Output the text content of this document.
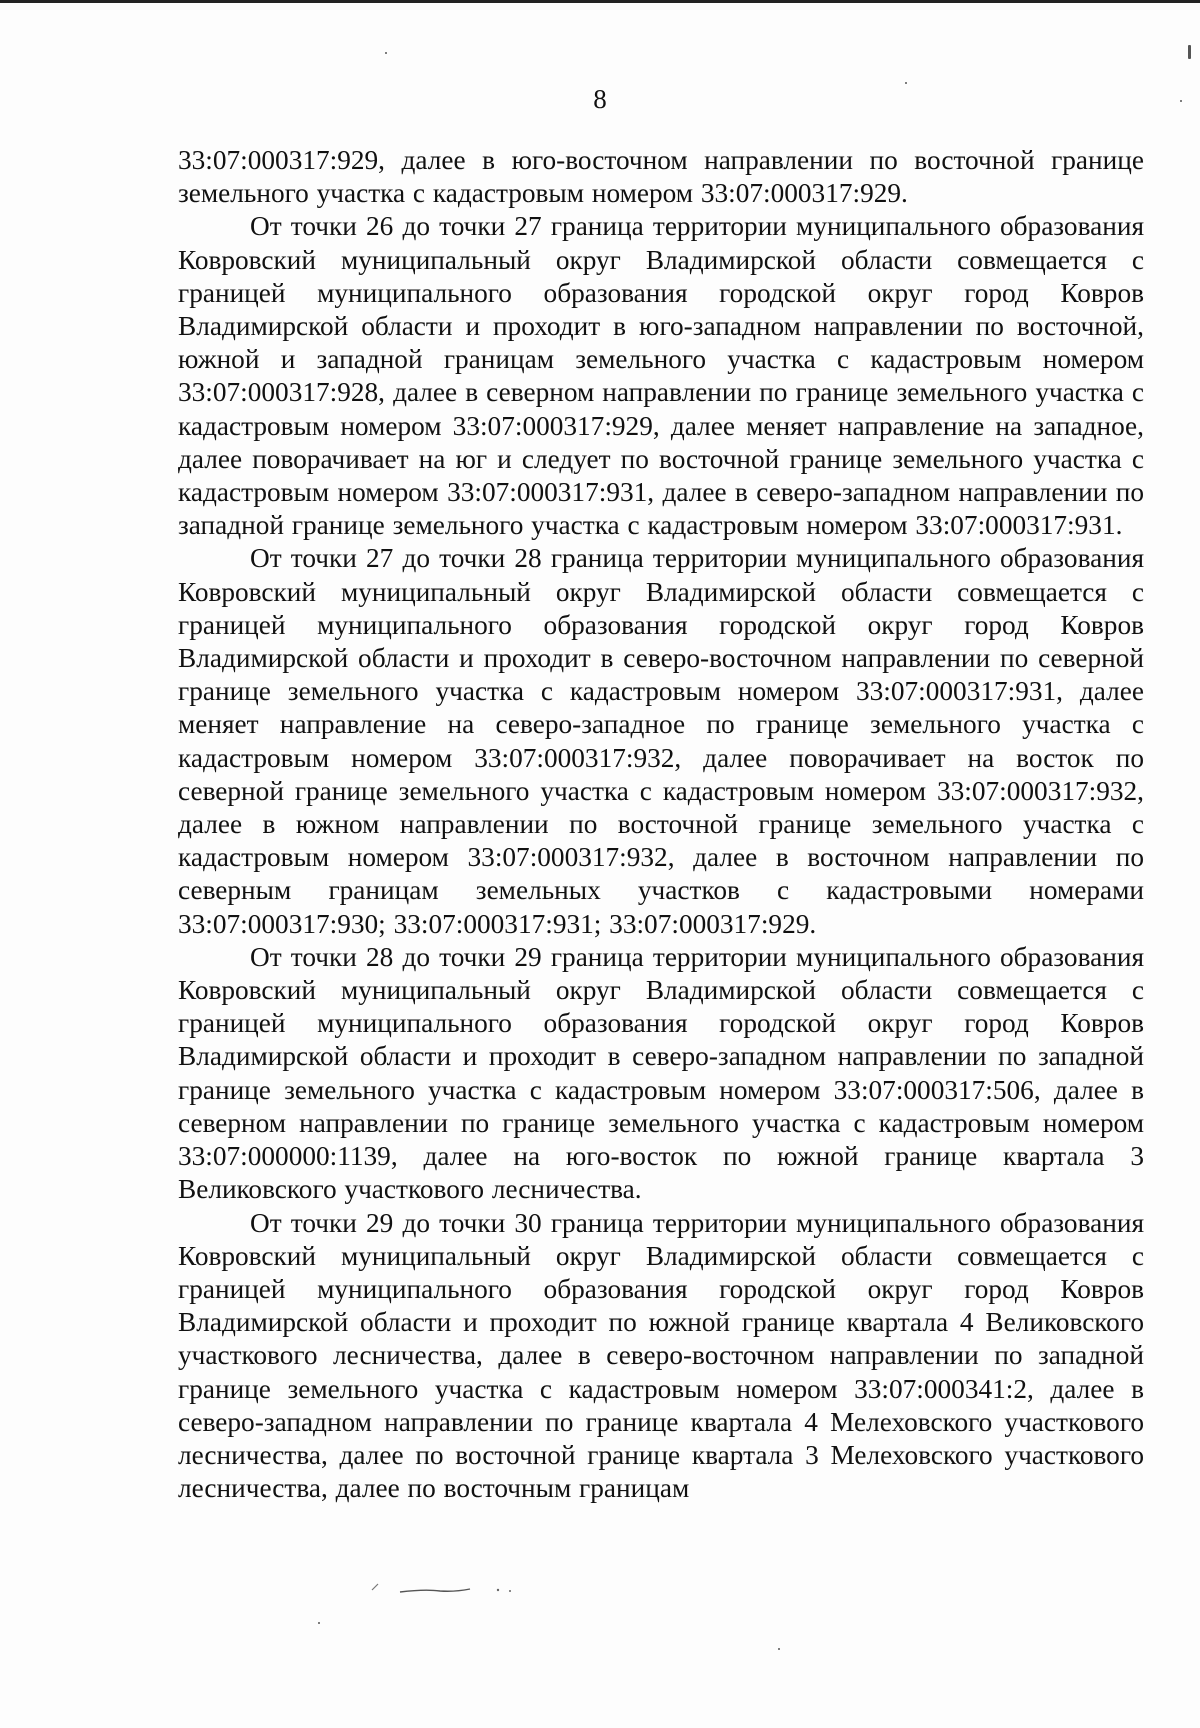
8

33:07:000317:929, далее в юго-восточном направлении по восточной границе земельного участка с кадастровым номером 33:07:000317:929.

От точки 26 до точки 27 граница территории муниципального образования Ковровский муниципальный округ Владимирской области совмещается с границей муниципального образования городской округ город Ковров Владимирской области и проходит в юго-западном направлении по восточной, южной и западной границам земельного участка с кадастровым номером 33:07:000317:928, далее в северном направлении по границе земельного участка с кадастровым номером 33:07:000317:929, далее меняет направление на западное, далее поворачивает на юг и следует по восточной границе земельного участка с кадастровым номером 33:07:000317:931, далее в северо-западном направлении по западной границе земельного участка с кадастровым номером 33:07:000317:931.

От точки 27 до точки 28 граница территории муниципального образования Ковровский муниципальный округ Владимирской области совмещается с границей муниципального образования городской округ город Ковров Владимирской области и проходит в северо-восточном направлении по северной границе земельного участка с кадастровым номером 33:07:000317:931, далее меняет направление на северо-западное по границе земельного участка с кадастровым номером 33:07:000317:932, далее поворачивает на восток по северной границе земельного участка с кадастровым номером 33:07:000317:932, далее в южном направлении по восточной границе земельного участка с кадастровым номером 33:07:000317:932, далее в восточном направлении по северным границам земельных участков с кадастровыми номерами 33:07:000317:930; 33:07:000317:931; 33:07:000317:929.

От точки 28 до точки 29 граница территории муниципального образования Ковровский муниципальный округ Владимирской области совмещается с границей муниципального образования городской округ город Ковров Владимирской области и проходит в северо-западном направлении по западной границе земельного участка с кадастровым номером 33:07:000317:506, далее в северном направлении по границе земельного участка с кадастровым номером 33:07:000000:1139, далее на юго-восток по южной границе квартала 3 Великовского участкового лесничества.

От точки 29 до точки 30 граница территории муниципального образования Ковровский муниципальный округ Владимирской области совмещается с границей муниципального образования городской округ город Ковров Владимирской области и проходит по южной границе квартала 4 Великовского участкового лесничества, далее в северо-восточном направлении по западной границе земельного участка с кадастровым номером 33:07:000341:2, далее в северо-западном направлении по границе квартала 4 Мелеховского участкового лесничества, далее по восточной границе квартала 3 Мелеховского участкового лесничества, далее по восточным границам
